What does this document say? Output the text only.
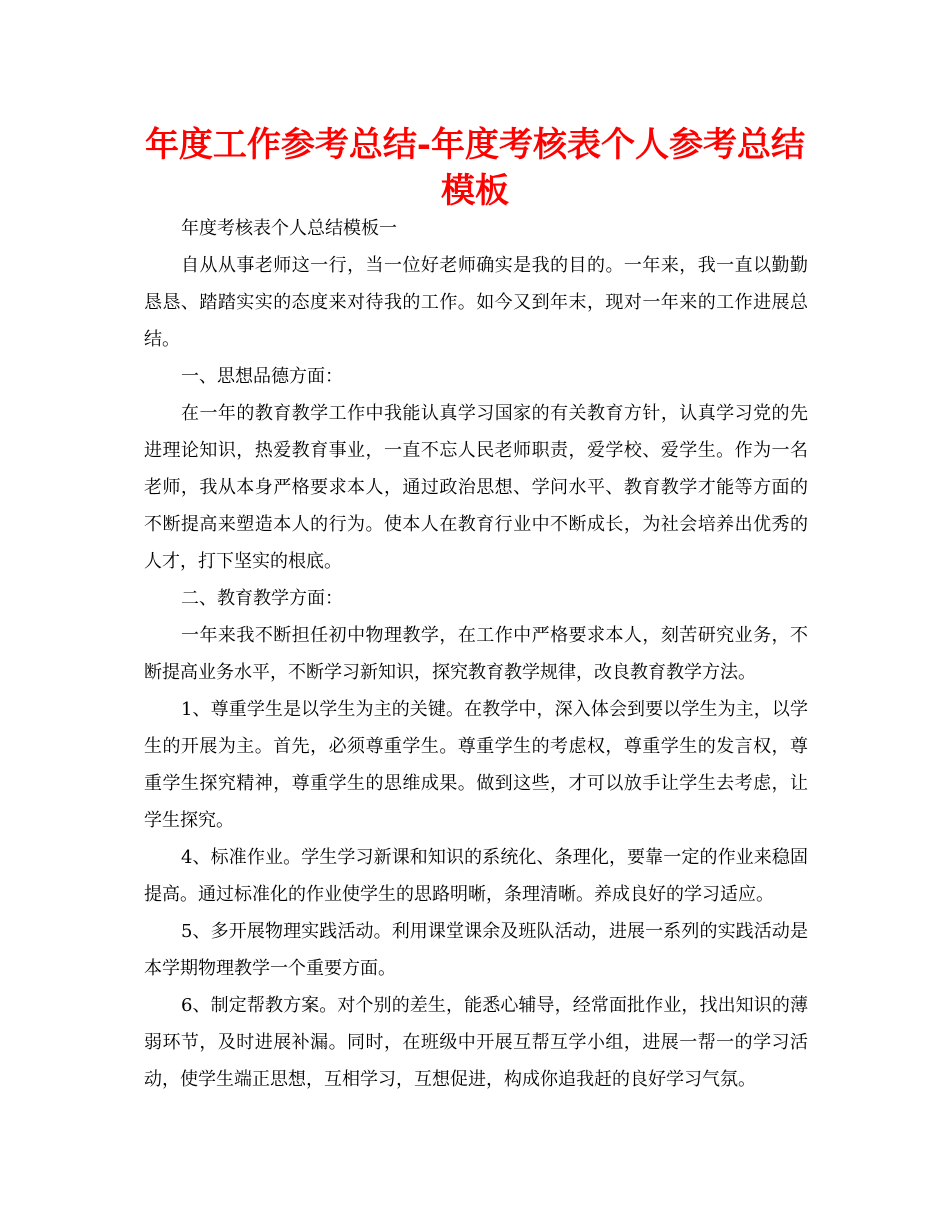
年度工作参考总结-年度考核表个人参考总结模板

年度考核表个人总结模板一

自从从事老师这一行，当一位好老师确实是我的目的。一年来，我一直以勤勤恳恳、踏踏实实的态度来对待我的工作。如今又到年末，现对一年来的工作进展总结。

一、思想品德方面：

在一年的教育教学工作中我能认真学习国家的有关教育方针，认真学习党的先进理论知识，热爱教育事业，一直不忘人民老师职责，爱学校、爱学生。作为一名老师，我从本身严格要求本人，通过政治思想、学问水平、教育教学才能等方面的不断提高来塑造本人的行为。使本人在教育行业中不断成长，为社会培养出优秀的人才，打下坚实的根底。

二、教育教学方面：

一年来我不断担任初中物理教学，在工作中严格要求本人，刻苦研究业务，不断提高业务水平，不断学习新知识，探究教育教学规律，改良教育教学方法。

1、尊重学生是以学生为主的关键。在教学中，深入体会到要以学生为主，以学生的开展为主。首先，必须尊重学生。尊重学生的考虑权，尊重学生的发言权，尊重学生探究精神，尊重学生的思维成果。做到这些，才可以放手让学生去考虑，让学生探究。

4、标准作业。学生学习新课和知识的系统化、条理化，要靠一定的作业来稳固提高。通过标准化的作业使学生的思路明晰，条理清晰。养成良好的学习适应。

5、多开展物理实践活动。利用课堂课余及班队活动，进展一系列的实践活动是本学期物理教学一个重要方面。

6、制定帮教方案。对个别的差生，能悉心辅导，经常面批作业，找出知识的薄弱环节，及时进展补漏。同时，在班级中开展互帮互学小组，进展一帮一的学习活动，使学生端正思想，互相学习，互想促进，构成你追我赶的良好学习气氛。
